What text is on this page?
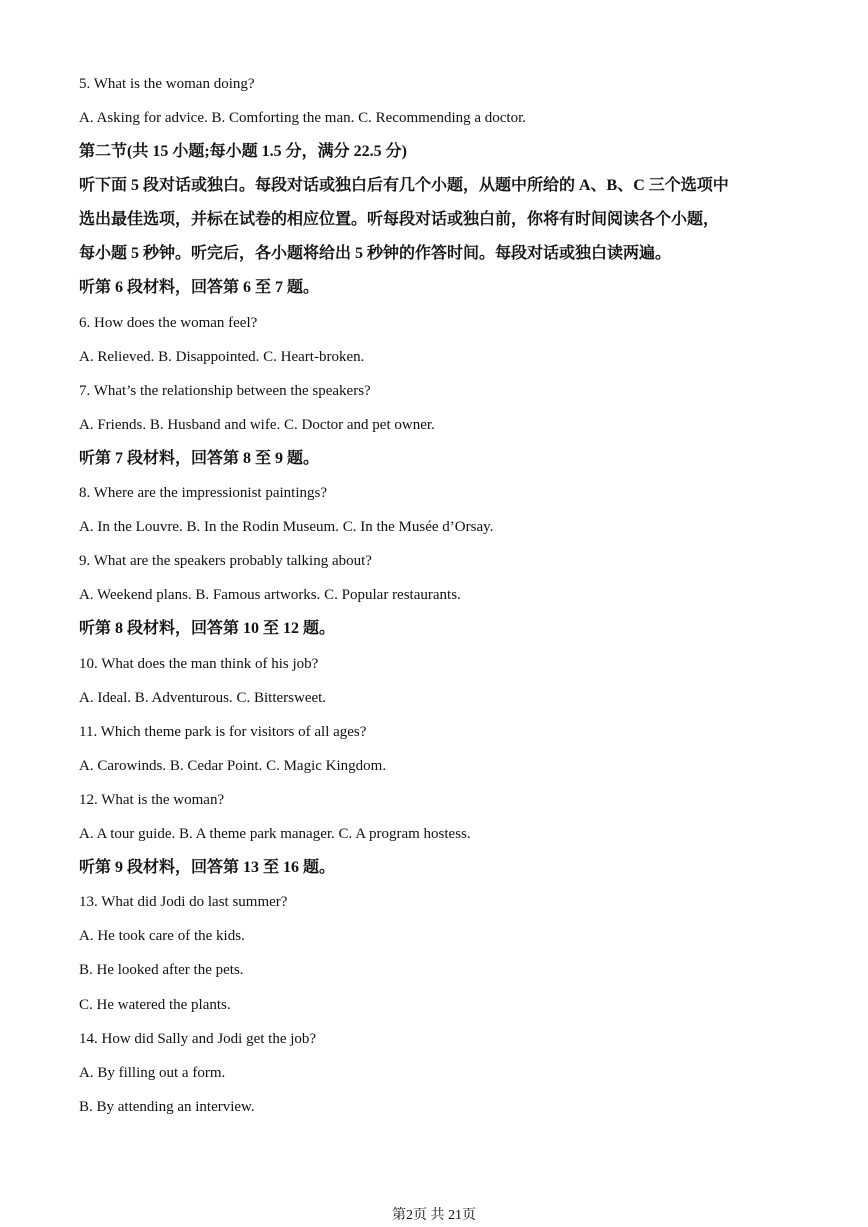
5. What is the woman doing?
A. Asking for advice. B. Comforting the man. C. Recommending a doctor.
第二节(共 15 小题;每小题 1.5 分，满分 22.5 分)
听下面 5 段对话或独白。每段对话或独白后有几个小题，从题中所给的 A、B、C 三个选项中
选出最佳选项，并标在试卷的相应位置。听每段对话或独白前，你将有时间阅读各个小题，
每小题 5 秒钟。听完后，各小题将给出 5 秒钟的作答时间。每段对话或独白读两遍。
听第 6 段材料，回答第 6 至 7 题。
6. How does the woman feel?
A. Relieved. B. Disappointed. C. Heart-broken.
7. What’s the relationship between the speakers?
A. Friends. B. Husband and wife. C. Doctor and pet owner.
听第 7 段材料，回答第 8 至 9 题。
8. Where are the impressionist paintings?
A. In the Louvre. B. In the Rodin Museum. C. In the Musée d’Orsay.
9. What are the speakers probably talking about?
A. Weekend plans. B. Famous artworks. C. Popular restaurants.
听第 8 段材料，回答第 10 至 12 题。
10. What does the man think of his job?
A. Ideal. B. Adventurous. C. Bittersweet.
11. Which theme park is for visitors of all ages?
A. Carowinds. B. Cedar Point. C. Magic Kingdom.
12. What is the woman?
A. A tour guide. B. A theme park manager. C. A program hostess.
听第 9 段材料，回答第 13 至 16 题。
13. What did Jodi do last summer?
A. He took care of the kids.
B. He looked after the pets.
C. He watered the plants.
14. How did Sally and Jodi get the job?
A. By filling out a form.
B. By attending an interview.
第2页 共 21页
